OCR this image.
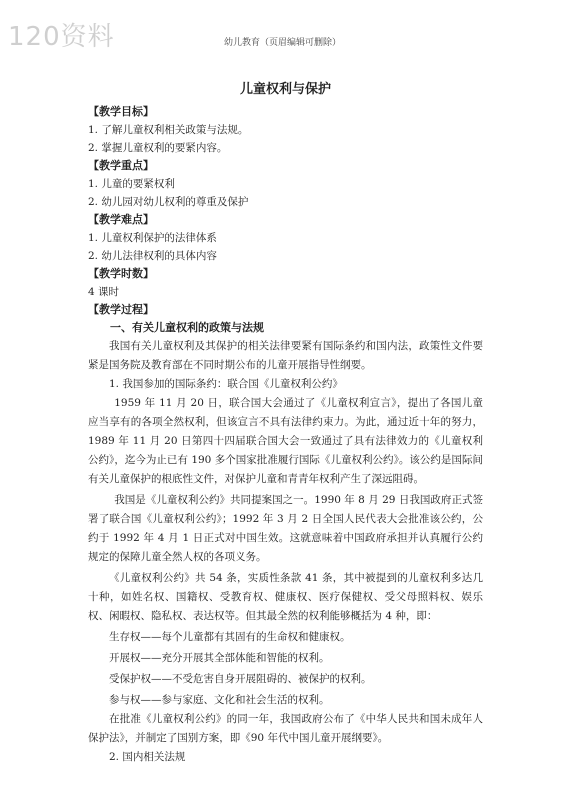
120资料	幼儿教育（页眉编辑可删除）
儿童权利与保护
【教学目标】
1. 了解儿童权利相关政策与法规。
2. 掌握儿童权利的要紧内容。
【教学重点】
1. 儿童的要紧权利
2. 幼儿园对幼儿权利的尊重及保护
【教学难点】
1. 儿童权利保护的法律体系
2. 幼儿法律权利的具体内容
【教学时数】
4 课时
【教学过程】
一、有关儿童权利的政策与法规

我国有关儿童权利及其保护的相关法律要紧有国际条约和国内法，政策性文件要紧是国务院及教育部在不同时期公布的儿童开展指导性纲要。

1. 我国参加的国际条约：联合国《儿童权利公约》

1959 年 11 月 20 日，联合国大会通过了《儿童权利宣言》，提出了各国儿童应当享有的各项全然权利，但该宣言不具有法律约束力。为此，通过近十年的努力，1989 年 11 月 20 日第四十四届联合国大会一致通过了具有法律效力的《儿童权利公约》，迄今为止已有 190 多个国家批准履行国际《儿童权利公约》。该公约是国际间有关儿童保护的根底性文件，对保护儿童和青青年权利产生了深远阻碍。

我国是《儿童权利公约》共同提案国之一。1990 年 8 月 29 日我国政府正式签署了联合国《儿童权利公约》；1992 年 3 月 2 日全国人民代表大会批准该公约，公约于 1992 年 4 月 1 日正式对中国生效。这就意味着中国政府承担并认真履行公约规定的保障儿童全然人权的各项义务。

《儿童权利公约》共 54 条，实质性条款 41 条，其中被提到的儿童权利多达几十种，如姓名权、国籍权、受教育权、健康权、医疗保健权、受父母照料权、娱乐权、闲暇权、隐私权、表达权等。但其最全然的权利能够概括为 4 种，即：

生存权——每个儿童都有其固有的生命权和健康权。

开展权——充分开展其全部体能和智能的权利。

受保护权——不受危害自身开展阻碍的、被保护的权利。

参与权——参与家庭、文化和社会生活的权利。

在批准《儿童权利公约》的同一年，我国政府公布了《中华人民共和国未成年人保护法》，并制定了国别方案，即《90 年代中国儿童开展纲要》。

2. 国内相关法规
